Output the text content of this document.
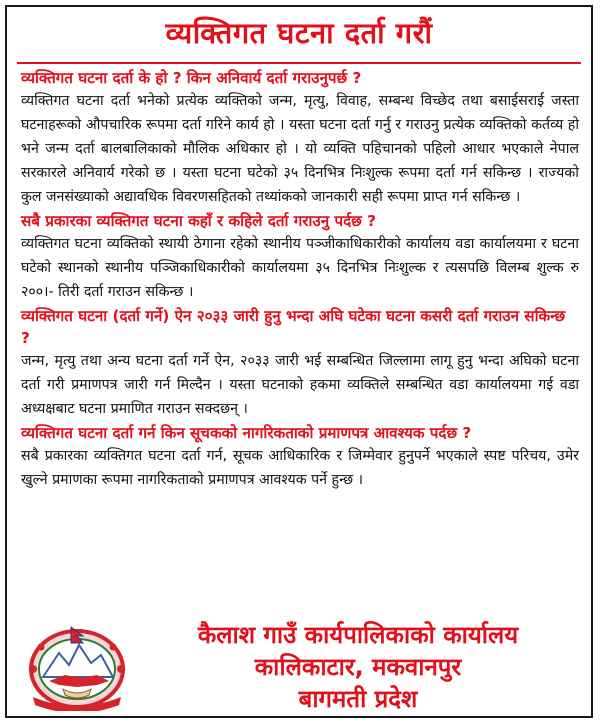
व्यक्तिगत घटना दर्ता गरौं

व्यक्तिगत घटना दर्ता के हो ? किन अनिवार्य दर्ता गराउनुपर्छ ?

व्यक्तिगत घटना दर्ता भनेको प्रत्येक व्यक्तिको जन्म, मृत्यु, विवाह, सम्बन्ध विच्छेद तथा बसाईसराई जस्ता घटनाहरूको औपचारिक रूपमा दर्ता गरिने कार्य हो । यस्ता घटना दर्ता गर्नु र गराउनु प्रत्येक व्यक्तिको कर्तव्य हो भने जन्म दर्ता बालबालिकाको मौलिक अधिकार हो । यो व्यक्ति पहिचानको पहिलो आधार भएकाले नेपाल सरकारले अनिवार्य गरेको छ । यस्ता घटना घटेको ३५ दिनभित्र निःशुल्क रूपमा दर्ता गर्न सकिन्छ । राज्यको कुल जनसंख्याको अद्यावधिक विवरणसहितको तथ्यांकको जानकारी सही रूपमा प्राप्त गर्न सकिन्छ ।

सबै प्रकारका व्यक्तिगत घटना कहाँ र कहिले दर्ता गराउनु पर्दछ ?

व्यक्तिगत घटना व्यक्तिको स्थायी ठेगाना रहेको स्थानीय पञ्जीकाधिकारीको कार्यालय वडा कार्यालयमा र घटना घटेको स्थानको स्थानीय पञ्जिकाधिकारीको कार्यालयमा ३५ दिनभित्र निःशुल्क र त्यसपछि विलम्ब शुल्क रु २००।- तिरी दर्ता गराउन सकिन्छ ।

व्यक्तिगत घटना (दर्ता गर्ने) ऐन २०३३ जारी हुनु भन्दा अघि घटेका घटना कसरी दर्ता गराउन सकिन्छ ?

जन्म, मृत्यु तथा अन्य घटना दर्ता गर्ने ऐन, २०३३ जारी भई सम्बन्धित जिल्लामा लागू हुनु भन्दा अघिको घटना दर्ता गरी प्रमाणपत्र जारी गर्न मिल्दैन । यस्ता घटनाको हकमा व्यक्तिले सम्बन्धित वडा कार्यालयमा गई वडा अध्यक्षबाट घटना प्रमाणित गराउन सक्दछन् ।

व्यक्तिगत घटना दर्ता गर्न किन सूचकको नागरिकताको प्रमाणपत्र आवश्यक पर्दछ ?

सबै प्रकारका व्यक्तिगत घटना दर्ता गर्न, सूचक आधिकारिक र जिम्मेवार हुनुपर्ने भएकाले स्पष्ट परिचय, उमेर खुल्ने प्रमाणका रूपमा नागरिकताको प्रमाणपत्र आवश्यक पर्ने हुन्छ ।

कैलाश गाउँ कार्यपालिकाको कार्यालय
कालिकाटार, मकवानपुर
बागमती प्रदेश
